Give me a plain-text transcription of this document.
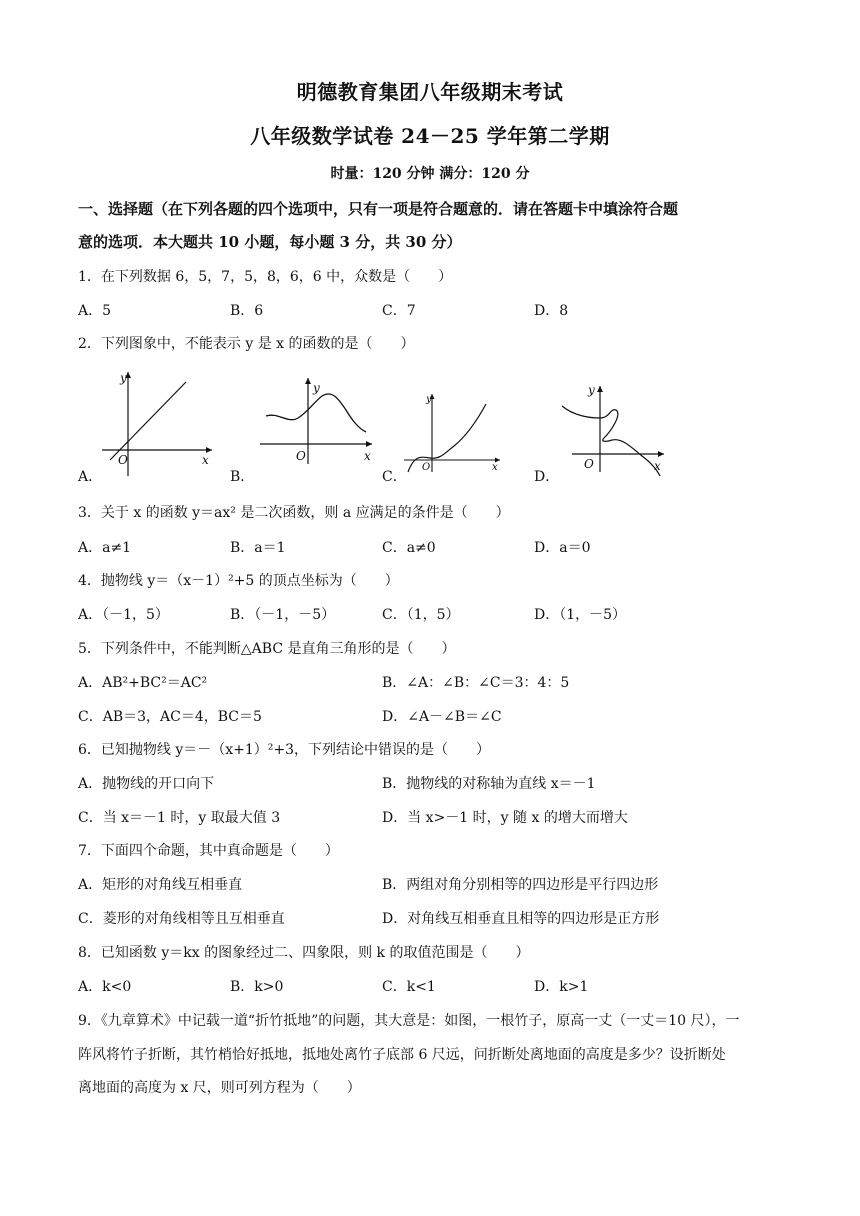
明德教育集团八年级期末考试
八年级数学试卷 24－25 学年第二学期
时量：120 分钟 满分：120 分
一、选择题（在下列各题的四个选项中，只有一项是符合题意的．请在答题卡中填涂符合题
意的选项．本大题共 10 小题，每小题 3 分，共 30 分）
1．在下列数据 6，5，7，5，8，6，6 中，众数是（　　）
A．5	B．6	C．7	D．8
2．下列图象中，不能表示 y 是 x 的函数的是（　　）
y
x
O
A．
y
x
O
B．
y
x
O
C．
y
x
O
D．
3．关于 x 的函数 y＝ax² 是二次函数，则 a 应满足的条件是（　　）
A．a≠1	B．a＝1	C．a≠0	D．a＝0
4．抛物线 y＝（x－1）²+5 的顶点坐标为（　　）
A．（－1，5）	B．（－1，－5）	C．（1，5）	D．（1，－5）
5．下列条件中，不能判断△ABC 是直角三角形的是（　　）
A．AB²+BC²＝AC²	B．∠A：∠B：∠C＝3：4：5
C．AB＝3，AC＝4，BC＝5	D．∠A－∠B＝∠C
6．已知抛物线 y＝－（x+1）²+3，下列结论中错误的是（　　）
A．抛物线的开口向下	B．抛物线的对称轴为直线 x＝－1
C．当 x＝－1 时，y 取最大值 3	D．当 x>－1 时，y 随 x 的增大而增大
7．下面四个命题，其中真命题是（　　）
A．矩形的对角线互相垂直	B．两组对角分别相等的四边形是平行四边形
C．菱形的对角线相等且互相垂直	D．对角线互相垂直且相等的四边形是正方形
8．已知函数 y＝kx 的图象经过二、四象限，则 k 的取值范围是（　　）
A．k<0	B．k>0	C．k<1	D．k>1
9．《九章算术》中记载一道“折竹抵地”的问题，其大意是：如图，一根竹子，原高一丈（一丈＝10 尺），一
阵风将竹子折断，其竹梢恰好抵地，抵地处离竹子底部 6 尺远，问折断处离地面的高度是多少？设折断处
离地面的高度为 x 尺，则可列方程为（　　）
